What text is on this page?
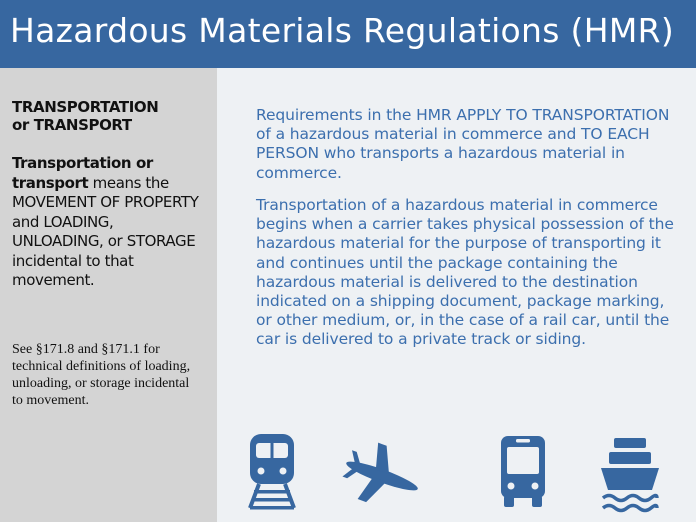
Hazardous Materials Regulations (HMR)
TRANSPORTATION
or TRANSPORT
Transportation or transport means the MOVEMENT OF PROPERTY and LOADING, UNLOADING, or STORAGE incidental to that movement.
See §171.8 and §171.1 for technical definitions of loading, unloading, or storage incidental to movement.
Requirements in the HMR APPLY TO TRANSPORTATION of a hazardous material in commerce and TO EACH PERSON who transports a hazardous material in commerce.
Transportation of a hazardous material in commerce begins when a carrier takes physical possession of the hazardous material for the purpose of transporting it and continues until the package containing the hazardous material is delivered to the destination indicated on a shipping document, package marking, or other medium, or, in the case of a rail car, until the car is delivered to a private track or siding.
